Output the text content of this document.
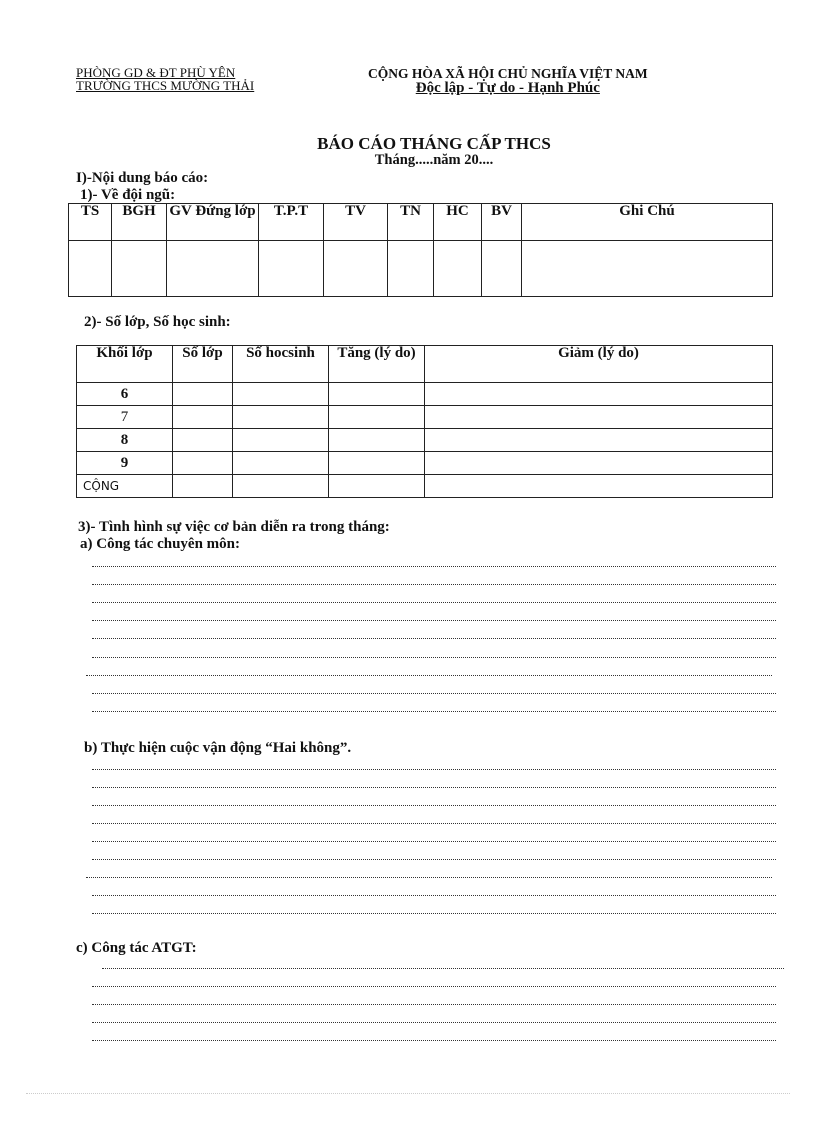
PHÒNG GD & ĐT PHÙ YÊN
TRƯỜNG THCS MƯỜNG THẢI
CỘNG HÒA XÃ HỘI CHỦ NGHĨA VIỆT NAM
Độc lập - Tự do - Hạnh Phúc
BÁO CÁO THÁNG CẤP THCS
Tháng.....năm 20....
I)-Nội dung báo cáo:
1)- Về đội ngũ:
TS	BGH	GV Đứng lớp	T.P.T	TV	TN	HC	BV	Ghi Chú

2)- Số lớp, Số học sinh:
Khối lớp	Số lớp	Số hocsinh	Tăng (lý do)	Giảm (lý do)
6				
7				
8				
9				
CỘNG				
3)- Tình hình sự việc cơ bản diễn ra trong tháng:
a) Công tác chuyên môn:
b) Thực hiện cuộc vận động “Hai không”.
c) Công tác ATGT:
